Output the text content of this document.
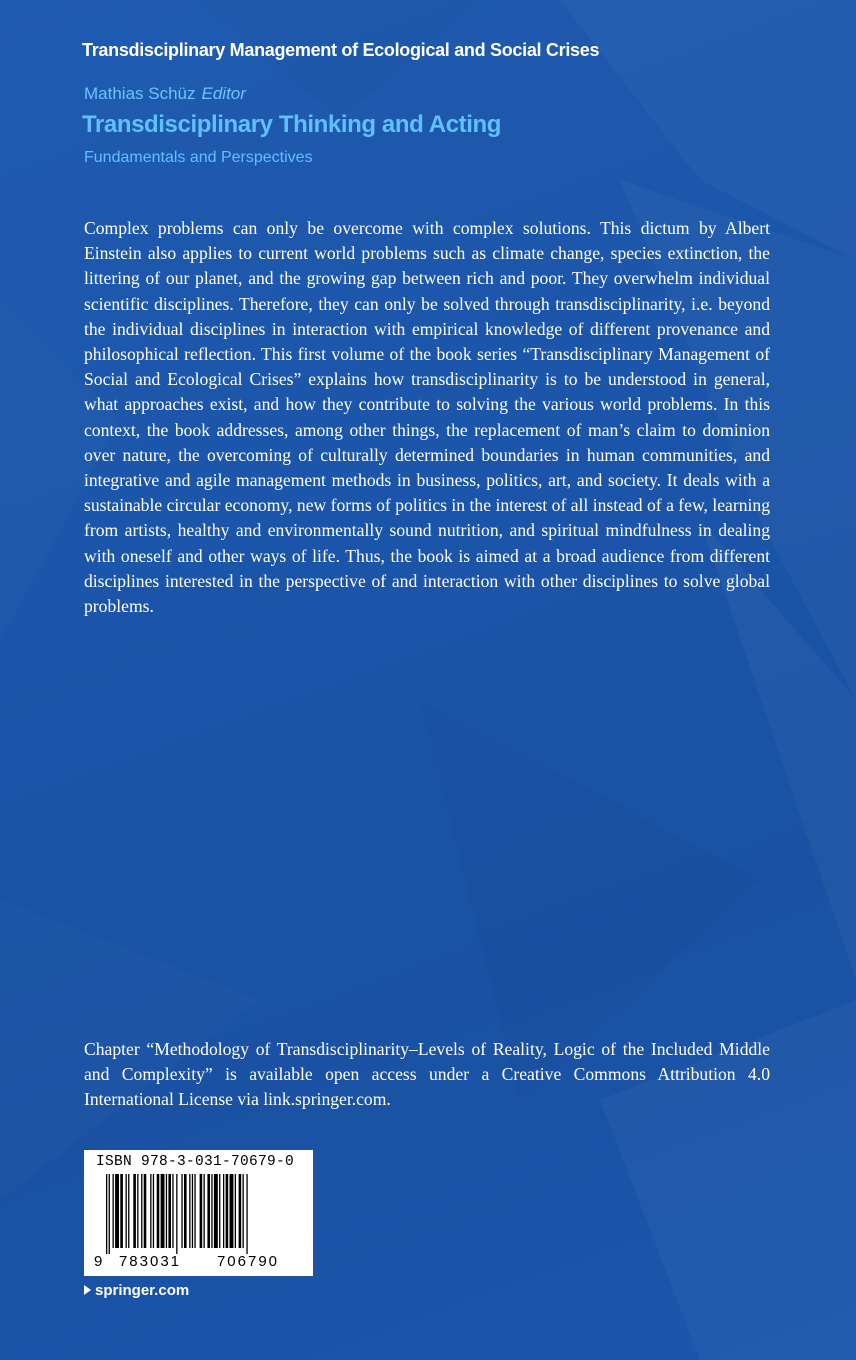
Transdisciplinary Management of Ecological and Social Crises
Mathias Schüz Editor
Transdisciplinary Thinking and Acting
Fundamentals and Perspectives

Complex problems can only be overcome with complex solutions. This dictum by Albert Einstein also applies to current world problems such as climate change, species extinction, the littering of our planet, and the growing gap between rich and poor. They overwhelm individual scientific disciplines. Therefore, they can only be solved through transdisciplinarity, i.e. beyond the individual disciplines in interaction with empirical knowledge of different provenance and philosophical reflection. This first volume of the book series “Transdisciplinary Management of Social and Ecological Crises” explains how transdisciplinarity is to be understood in general, what approaches exist, and how they contribute to solving the various world problems. In this context, the book addresses, among other things, the replacement of man’s claim to dominion over nature, the overcoming of culturally determined boundaries in human communities, and integrative and agile management methods in business, politics, art, and society. It deals with a sustainable circular economy, new forms of politics in the interest of all instead of a few, learning from artists, healthy and environmentally sound nutrition, and spiritual mindfulness in dealing with oneself and other ways of life. Thus, the book is aimed at a broad audience from different disciplines interested in the perspective of and interaction with other disciplines to solve global problems.

Chapter “Methodology of Transdisciplinarity–Levels of Reality, Logic of the Included Middle and Complexity” is available open access under a Creative Commons Attribution 4.0 International License via link.springer.com.

ISBN 978-3-031-70679-0
9 783031 706790
springer.com
